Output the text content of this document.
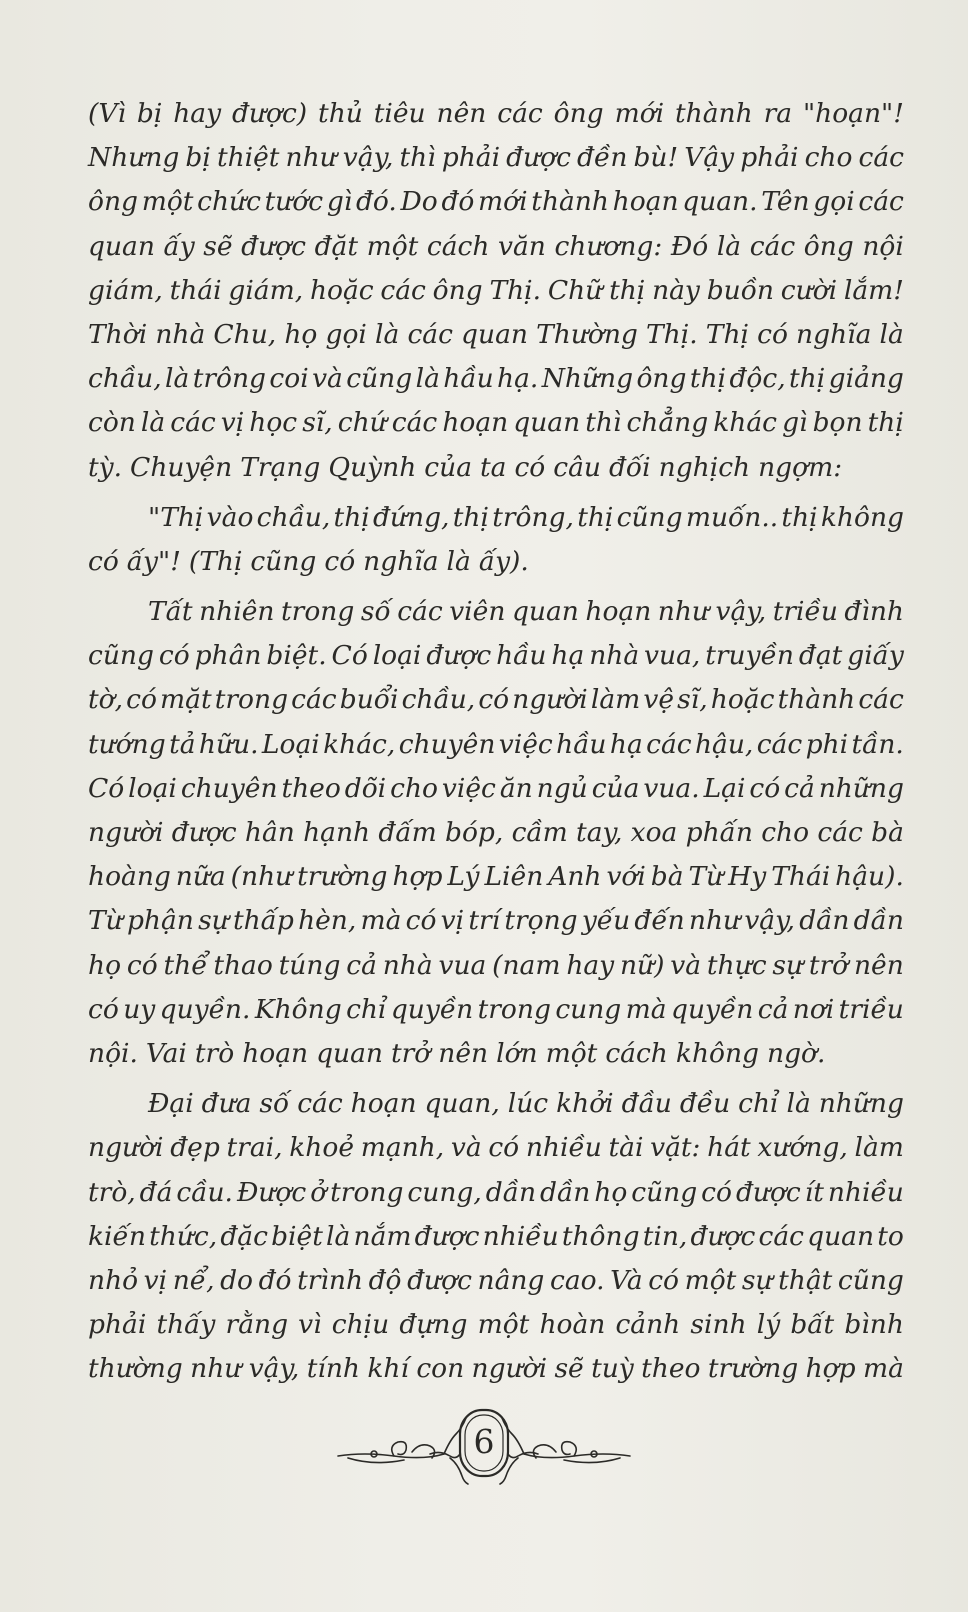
(Vì bị hay được) thủ tiêu nên các ông mới thành ra "hoạn"!
Nhưng bị thiệt như vậy, thì phải được đền bù! Vậy phải cho các
ông một chức tước gì đó. Do đó mới thành hoạn quan. Tên gọi các
quan ấy sẽ được đặt một cách văn chương: Đó là các ông nội
giám, thái giám, hoặc các ông Thị. Chữ thị này buồn cười lắm!
Thời nhà Chu, họ gọi là các quan Thường Thị. Thị có nghĩa là
chầu, là trông coi và cũng là hầu hạ. Những ông thị độc, thị giảng
còn là các vị học sĩ, chứ các hoạn quan thì chẳng khác gì bọn thị
tỳ. Chuyện Trạng Quỳnh của ta có câu đối nghịch ngợm:
"Thị vào chầu, thị đứng, thị trông, thị cũng muốn.. thị không
có ấy"! (Thị cũng có nghĩa là ấy).
Tất nhiên trong số các viên quan hoạn như vậy, triều đình
cũng có phân biệt. Có loại được hầu hạ nhà vua, truyền đạt giấy
tờ, có mặt trong các buổi chầu, có người làm vệ sĩ, hoặc thành các
tướng tả hữu. Loại khác, chuyên việc hầu hạ các hậu, các phi tần.
Có loại chuyên theo dõi cho việc ăn ngủ của vua. Lại có cả những
người được hân hạnh đấm bóp, cầm tay, xoa phấn cho các bà
hoàng nữa (như trường hợp Lý Liên Anh với bà Từ Hy Thái hậu).
Từ phận sự thấp hèn, mà có vị trí trọng yếu đến như vậy, dần dần
họ có thể thao túng cả nhà vua (nam hay nữ) và thực sự trở nên
có uy quyền. Không chỉ quyền trong cung mà quyền cả nơi triều
nội. Vai trò hoạn quan trở nên lớn một cách không ngờ.
Đại đưa số các hoạn quan, lúc khởi đầu đều chỉ là những
người đẹp trai, khoẻ mạnh, và có nhiều tài vặt: hát xướng, làm
trò, đá cầu. Được ở trong cung, dần dần họ cũng có được ít nhiều
kiến thức, đặc biệt là nắm được nhiều thông tin, được các quan to
nhỏ vị nể, do đó trình độ được nâng cao. Và có một sự thật cũng
phải thấy rằng vì chịu đựng một hoàn cảnh sinh lý bất bình
thường như vậy, tính khí con người sẽ tuỳ theo trường hợp mà
6
